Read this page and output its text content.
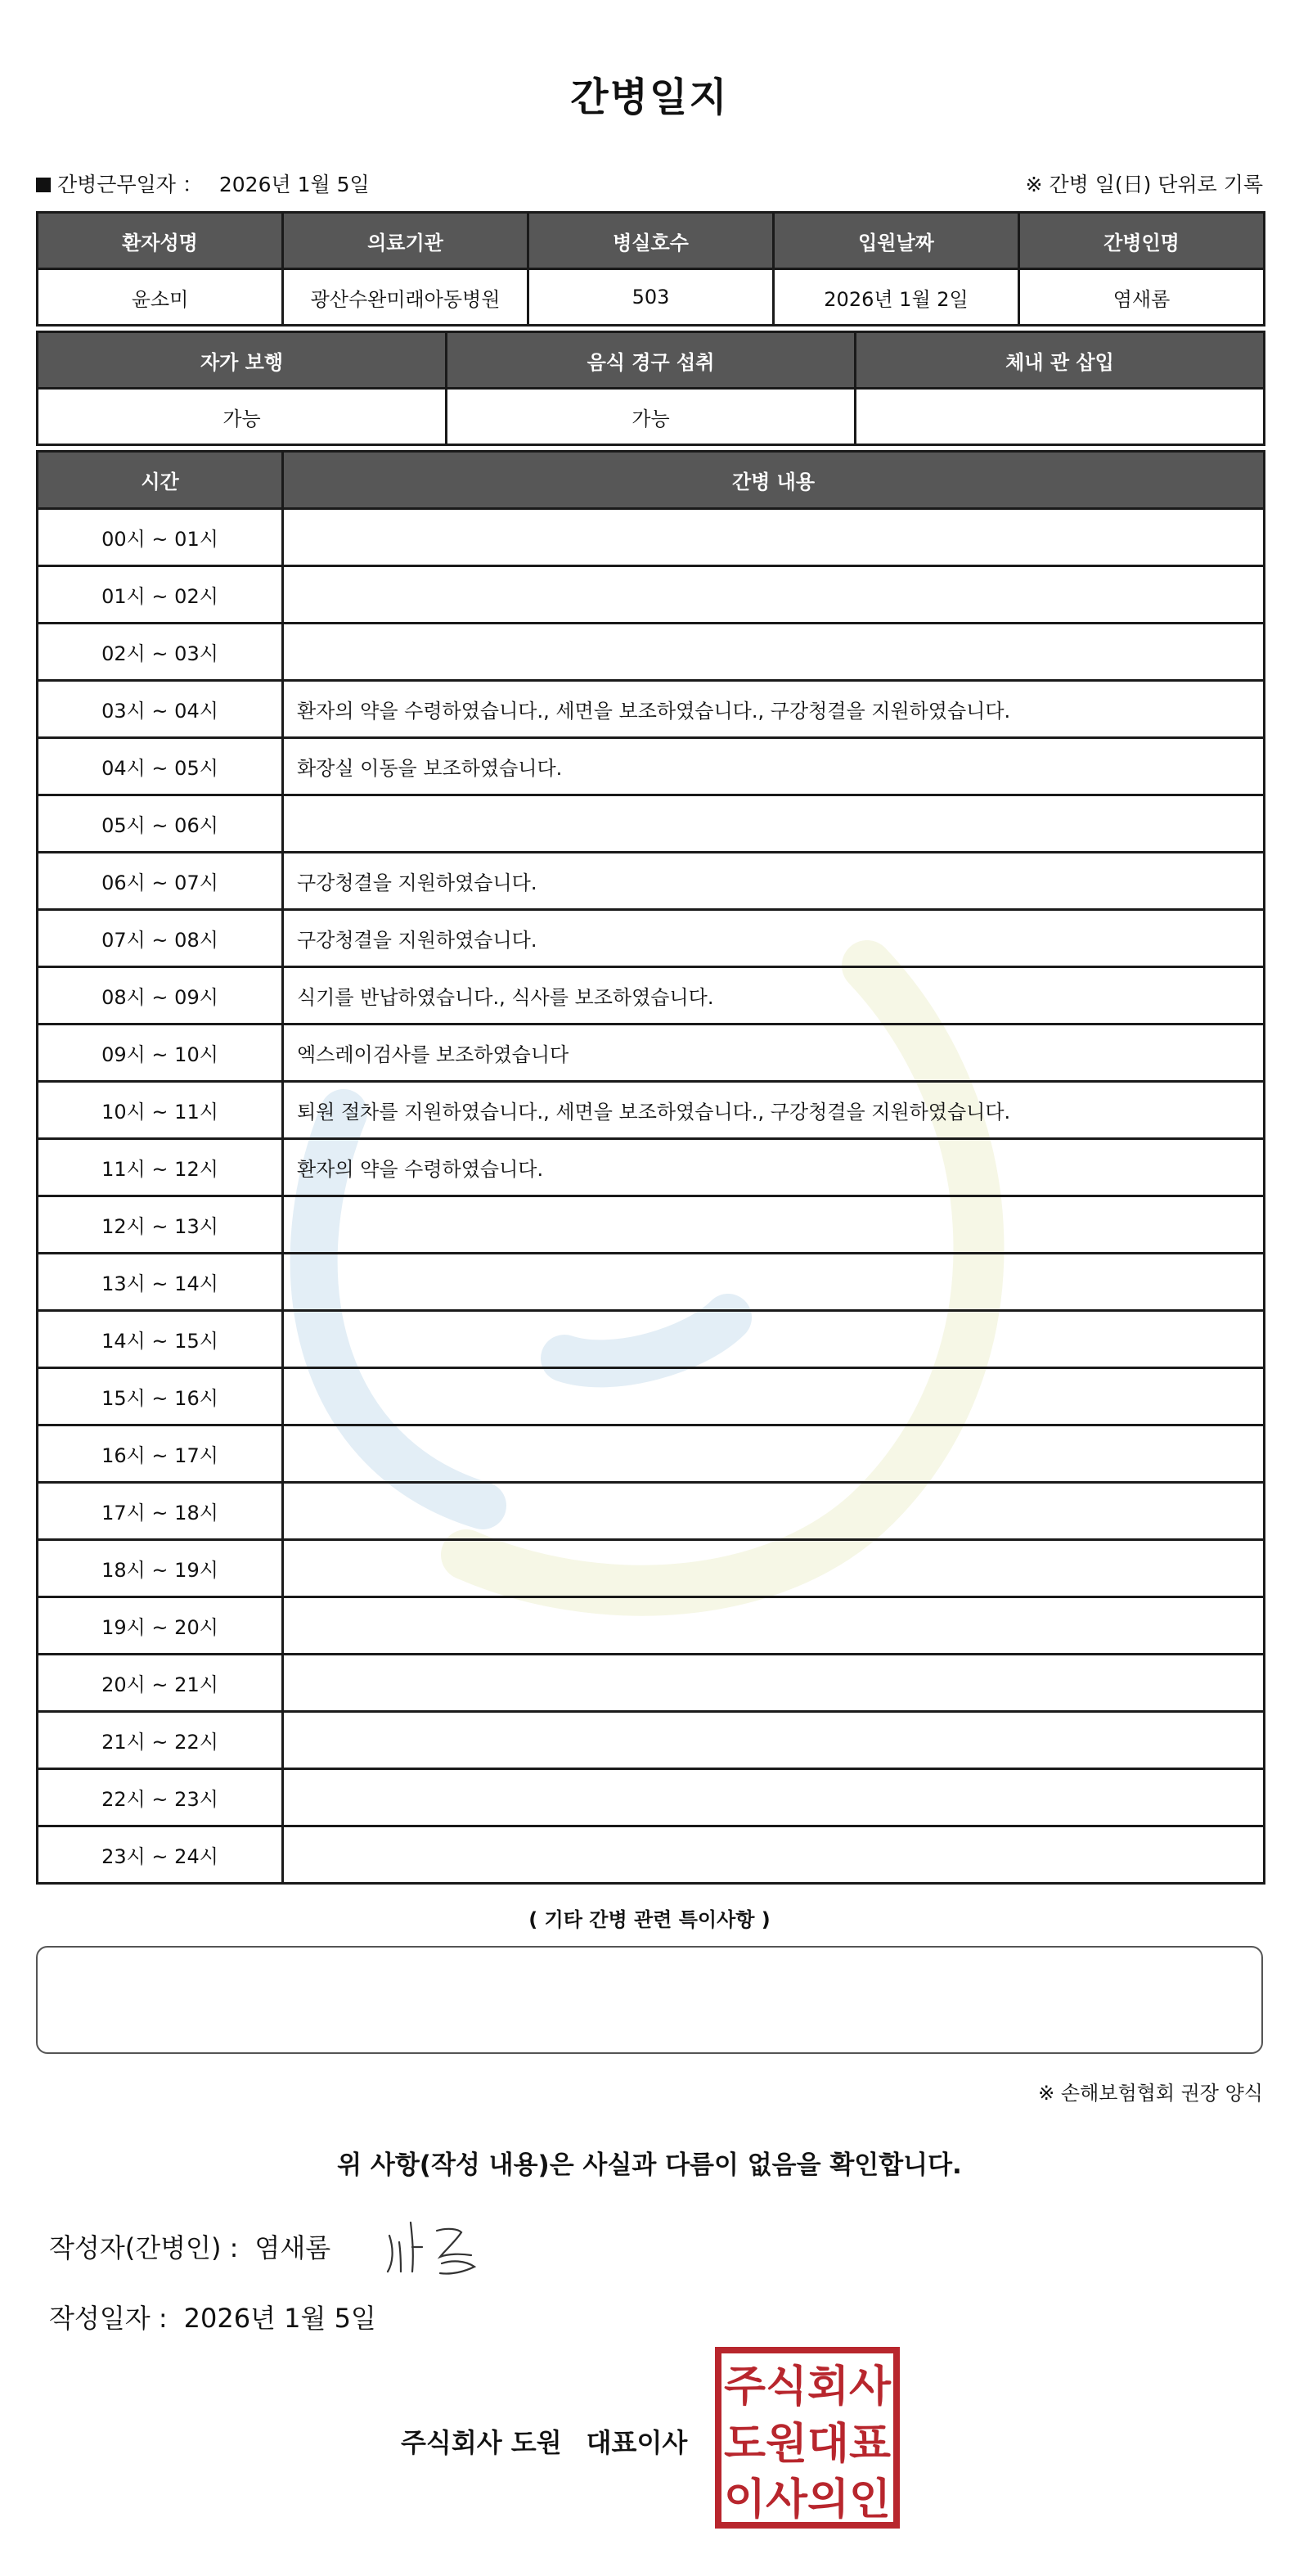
간병일지
간병근무일자 ： 2026년 1월 5일	※ 간병 일(日) 단위로 기록
환자성명	의료기관	병실호수	입원날짜	간병인명
윤소미	광산수완미래아동병원	503	2026년 1월 2일	염새롬
자가 보행	음식 경구 섭취	체내 관 삽입
가능	가능	
시간	간병 내용
00시 ~ 01시	
01시 ~ 02시	
02시 ~ 03시	
03시 ~ 04시	환자의 약을 수령하였습니다., 세면을 보조하였습니다., 구강청결을 지원하였습니다.
04시 ~ 05시	화장실 이동을 보조하였습니다.
05시 ~ 06시	
06시 ~ 07시	구강청결을 지원하였습니다.
07시 ~ 08시	구강청결을 지원하였습니다.
08시 ~ 09시	식기를 반납하였습니다., 식사를 보조하였습니다.
09시 ~ 10시	엑스레이검사를 보조하였습니다
10시 ~ 11시	퇴원 절차를 지원하였습니다., 세면을 보조하였습니다., 구강청결을 지원하였습니다.
11시 ~ 12시	환자의 약을 수령하였습니다.
12시 ~ 13시	
13시 ~ 14시	
14시 ~ 15시	
15시 ~ 16시	
16시 ~ 17시	
17시 ~ 18시	
18시 ~ 19시	
19시 ~ 20시	
20시 ~ 21시	
21시 ~ 22시	
22시 ~ 23시	
23시 ~ 24시	
( 기타 간병 관련 특이사항 )
※ 손해보험협회 권장 양식
위 사항(작성 내용)은 사실과 다름이 없음을 확인합니다.
작성자(간병인) : 염새롬
작성일자 : 2026년 1월 5일
주식회사 도원 대표이사
주식회사
도원대표
이사의인
